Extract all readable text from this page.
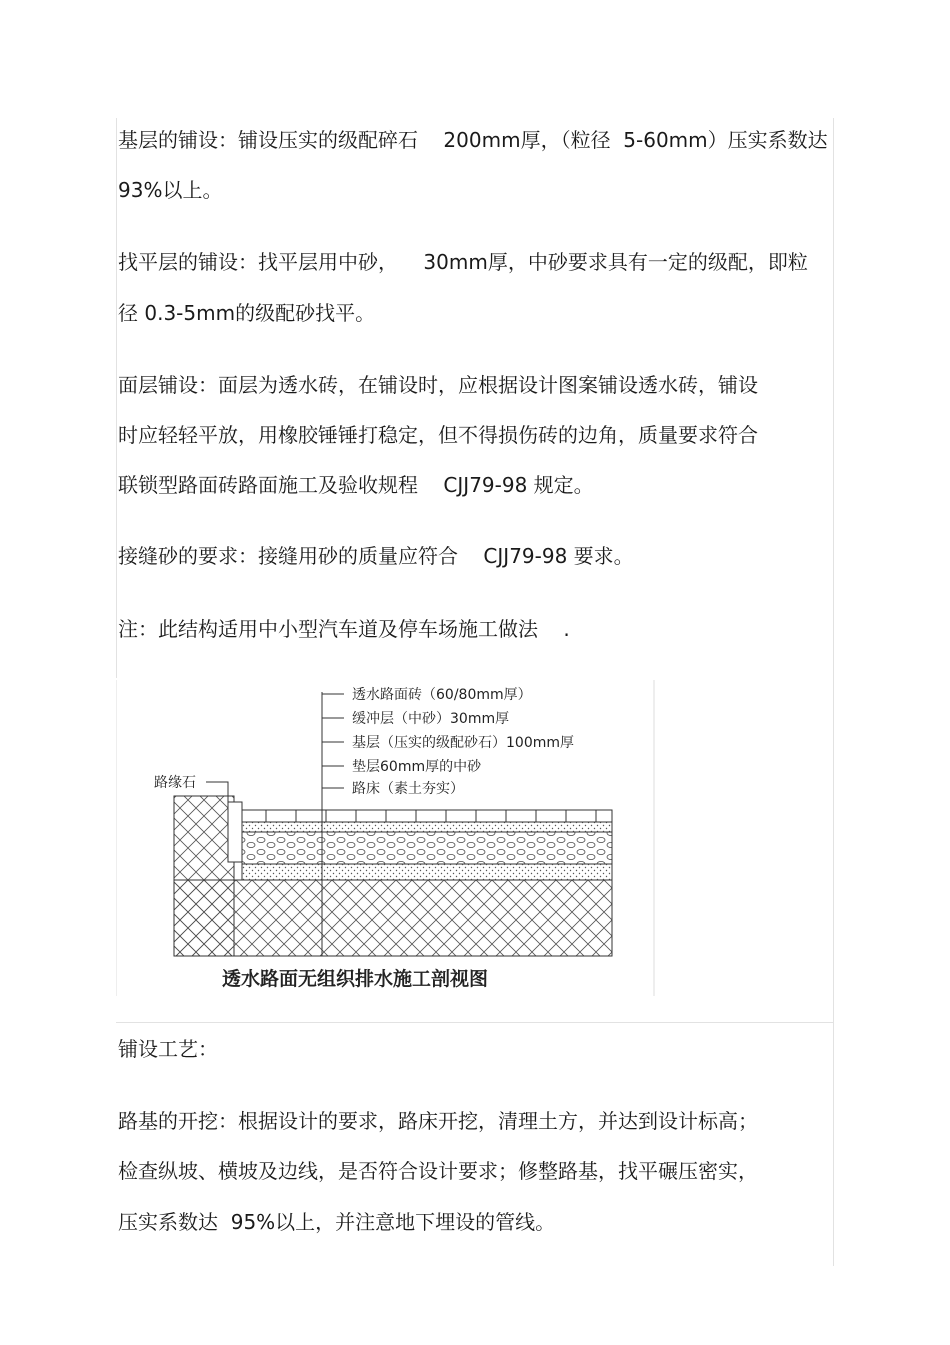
基层的铺设：铺设压实的级配碎石    200mm厚，（粒径  5-60mm）压实系数达
93%以上。
找平层的铺设：找平层用中砂，    30mm厚，中砂要求具有一定的级配，即粒
径 0.3-5mm的级配砂找平。
面层铺设：面层为透水砖，在铺设时，应根据设计图案铺设透水砖，铺设
时应轻轻平放，用橡胶锤锤打稳定，但不得损伤砖的边角，质量要求符合
联锁型路面砖路面施工及验收规程    CJJ79-98 规定。
接缝砂的要求：接缝用砂的质量应符合    CJJ79-98 要求。
注：此结构适用中小型汽车道及停车场施工做法    .
透水路面砖（60/80mm厚）
缓冲层（中砂）30mm厚
基层（压实的级配砂石）100mm厚
垫层60mm厚的中砂
路床（素土夯实）
路缘石
透水路面无组织排水施工剖视图
铺设工艺：
路基的开挖：根据设计的要求，路床开挖，清理土方，并达到设计标高；
检查纵坡、横坡及边线，是否符合设计要求；修整路基，找平碾压密实，
压实系数达  95%以上，并注意地下埋设的管线。
